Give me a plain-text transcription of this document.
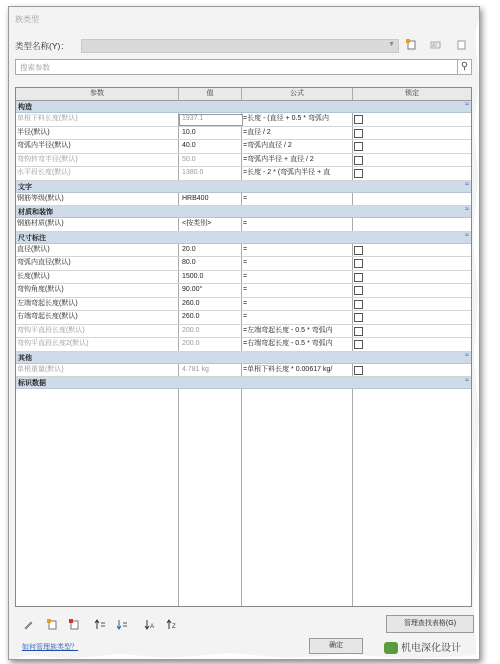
族类型
类型名称(Y)：	▼	AI
搜索参数	⚲
参数	值	公式	锁定
构造	≈
单根下料长度(默认)	1937.1	=长度 - (直径 + 0.5 * 弯弧内
半径(默认)	10.0	=直径 / 2
弯弧内半径(默认)	40.0	=弯弧内直径 / 2
弯钩转弯半径(默认)	50.0	=弯弧内半径 + 直径 / 2
水平段长度(默认)	1380.0	=长度 - 2 * (弯弧内半径 + 直
文字	≈
钢筋等级(默认)	HRB400	=
材质和装饰	≈
钢筋材质(默认)	<按类别>	=
尺寸标注	≈
直径(默认)	20.0	=
弯弧内直径(默认)	80.0	=
长度(默认)	1500.0	=
弯钩角度(默认)	90.00°	=
左端弯起长度(默认)	260.0	=
右端弯起长度(默认)	260.0	=
弯钩平直段长度(默认)	200.0	=左端弯起长度 - 0.5 * 弯弧内
弯钩平直段长度2(默认)	200.0	=右端弯起长度 - 0.5 * 弯弧内
其他	≈
单根重量(默认)	4.781 kg	=单根下料长度 * 0.00617 kg/
标识数据	≈
A	Z	管理查找表格(G)
如何管理族类型？	确定	机电深化设计
